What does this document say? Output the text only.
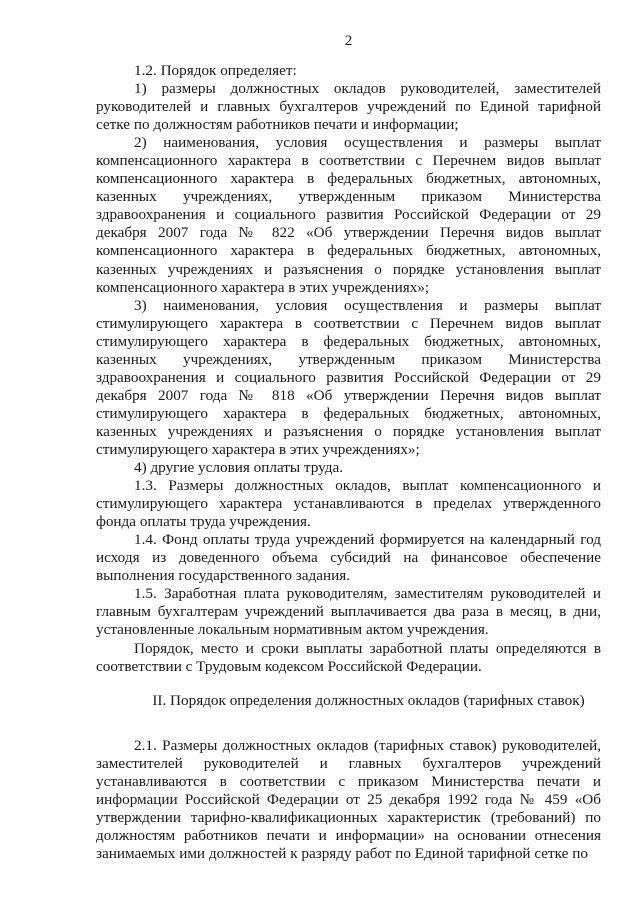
2

1.2. Порядок определяет:

1) размеры должностных окладов руководителей, заместителей руководителей и главных бухгалтеров учреждений по Единой тарифной сетке по должностям работников печати и информации;

2) наименования, условия осуществления и размеры выплат компенсационного характера в соответствии с Перечнем видов выплат компенсационного характера в федеральных бюджетных, автономных, казенных учреждениях, утвержденным приказом Министерства здравоохранения и социального развития Российской Федерации от 29 декабря 2007 года № 822 «Об утверждении Перечня видов выплат компенсационного характера в федеральных бюджетных, автономных, казенных учреждениях и разъяснения о порядке установления выплат компенсационного характера в этих учреждениях»;

3) наименования, условия осуществления и размеры выплат стимулирующего характера в соответствии с Перечнем видов выплат стимулирующего характера в федеральных бюджетных, автономных, казенных учреждениях, утвержденным приказом Министерства здравоохранения и социального развития Российской Федерации от 29 декабря 2007 года № 818 «Об утверждении Перечня видов выплат стимулирующего характера в федеральных бюджетных, автономных, казенных учреждениях и разъяснения о порядке установления выплат стимулирующего характера в этих учреждениях»;

4) другие условия оплаты труда.

1.3. Размеры должностных окладов, выплат компенсационного и стимулирующего характера устанавливаются в пределах утвержденного фонда оплаты труда учреждения.

1.4. Фонд оплаты труда учреждений формируется на календарный год исходя из доведенного объема субсидий на финансовое обеспечение выполнения государственного задания.

1.5. Заработная плата руководителям, заместителям руководителей и главным бухгалтерам учреждений выплачивается два раза в месяц, в дни, установленные локальным нормативным актом учреждения.

Порядок, место и сроки выплаты заработной платы определяются в соответствии с Трудовым кодексом Российской Федерации.

II. Порядок определения должностных окладов (тарифных ставок)

2.1. Размеры должностных окладов (тарифных ставок) руководителей, заместителей руководителей и главных бухгалтеров учреждений устанавливаются в соответствии с приказом Министерства печати и информации Российской Федерации от 25 декабря 1992 года № 459 «Об утверждении тарифно-квалификационных характеристик (требований) по должностям работников печати и информации» на основании отнесения занимаемых ими должностей к разряду работ по Единой тарифной сетке по
